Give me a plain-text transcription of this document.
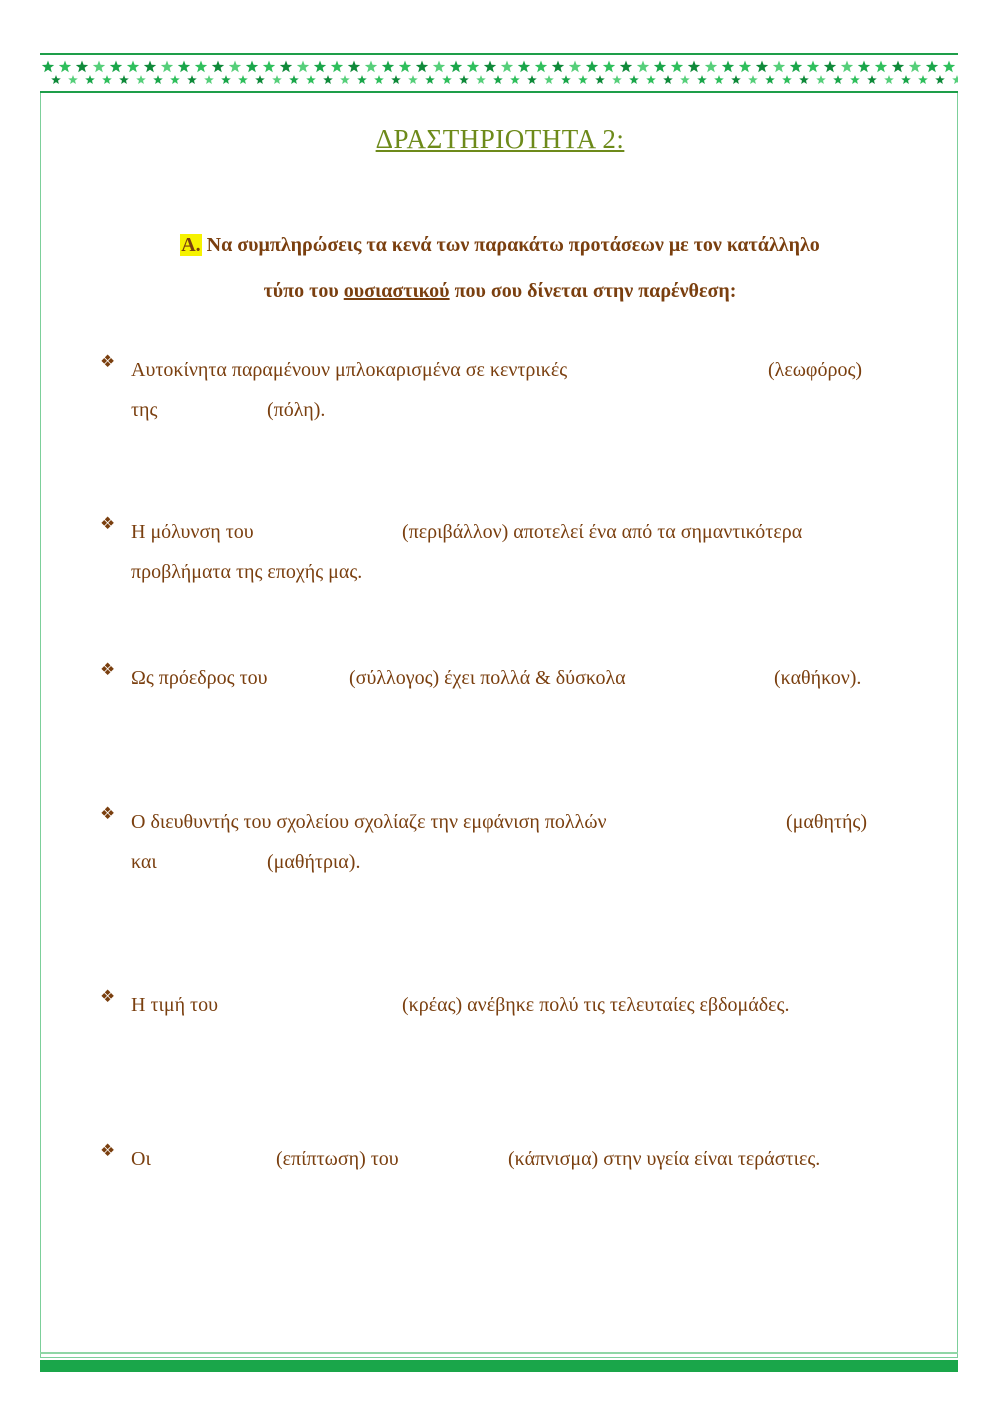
ΔΡΑΣΤΗΡΙΟΤΗΤΑ 2:
Α. Να συμπληρώσεις τα κενά των παρακάτω προτάσεων με τον κατάλληλο
τύπο του ουσιαστικού που σου δίνεται στην παρένθεση:
❖ Αυτοκίνητα παραμένουν μπλοκαρισμένα σε κεντρικές	(λεωφόρος)
της	(πόλη).
❖ Η μόλυνση του	(περιβάλλον) αποτελεί ένα από τα σημαντικότερα
προβλήματα της εποχής μας.
❖ Ως πρόεδρος του	(σύλλογος) έχει πολλά & δύσκολα	(καθήκον).
❖ Ο διευθυντής του σχολείου σχολίαζε την εμφάνιση πολλών	(μαθητής)
και	(μαθήτρια).
❖ Η τιμή του	(κρέας) ανέβηκε πολύ τις τελευταίες εβδομάδες.
❖ Οι	(επίπτωση) του	(κάπνισμα) στην υγεία είναι τεράστιες.
